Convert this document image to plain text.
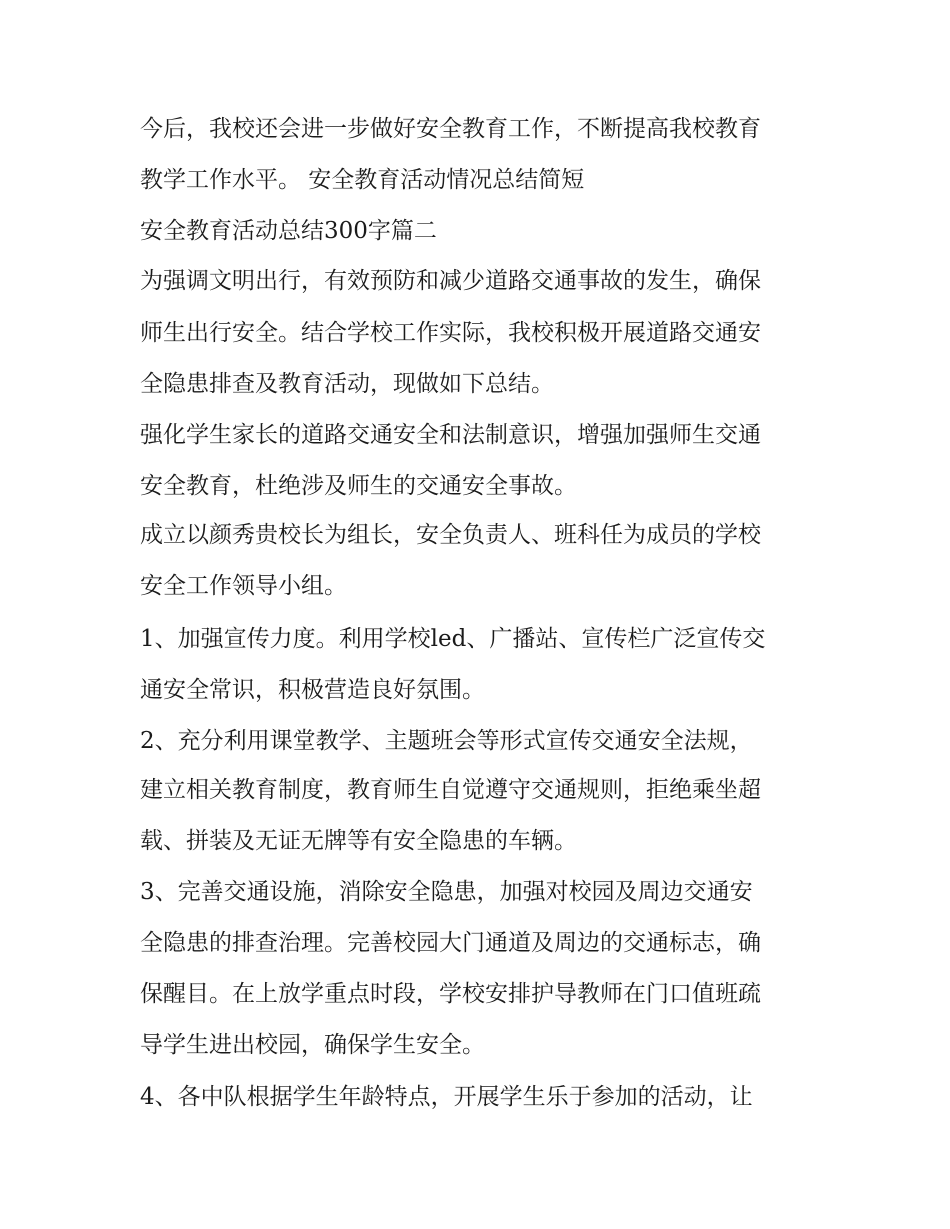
今后，我校还会进一步做好安全教育工作，不断提高我校教育
教学工作水平。 安全教育活动情况总结简短
安全教育活动总结300字篇二
为强调文明出行，有效预防和减少道路交通事故的发生，确保
师生出行安全。结合学校工作实际，我校积极开展道路交通安
全隐患排查及教育活动，现做如下总结。
强化学生家长的道路交通安全和法制意识，增强加强师生交通
安全教育，杜绝涉及师生的交通安全事故。
成立以颜秀贵校长为组长，安全负责人、班科任为成员的学校
安全工作领导小组。
1、加强宣传力度。利用学校led、广播站、宣传栏广泛宣传交
通安全常识，积极营造良好氛围。
2、充分利用课堂教学、主题班会等形式宣传交通安全法规，
建立相关教育制度，教育师生自觉遵守交通规则，拒绝乘坐超
载、拼装及无证无牌等有安全隐患的车辆。
3、完善交通设施，消除安全隐患，加强对校园及周边交通安
全隐患的排查治理。完善校园大门通道及周边的交通标志，确
保醒目。在上放学重点时段，学校安排护导教师在门口值班疏
导学生进出校园，确保学生安全。
4、各中队根据学生年龄特点，开展学生乐于参加的活动，让
